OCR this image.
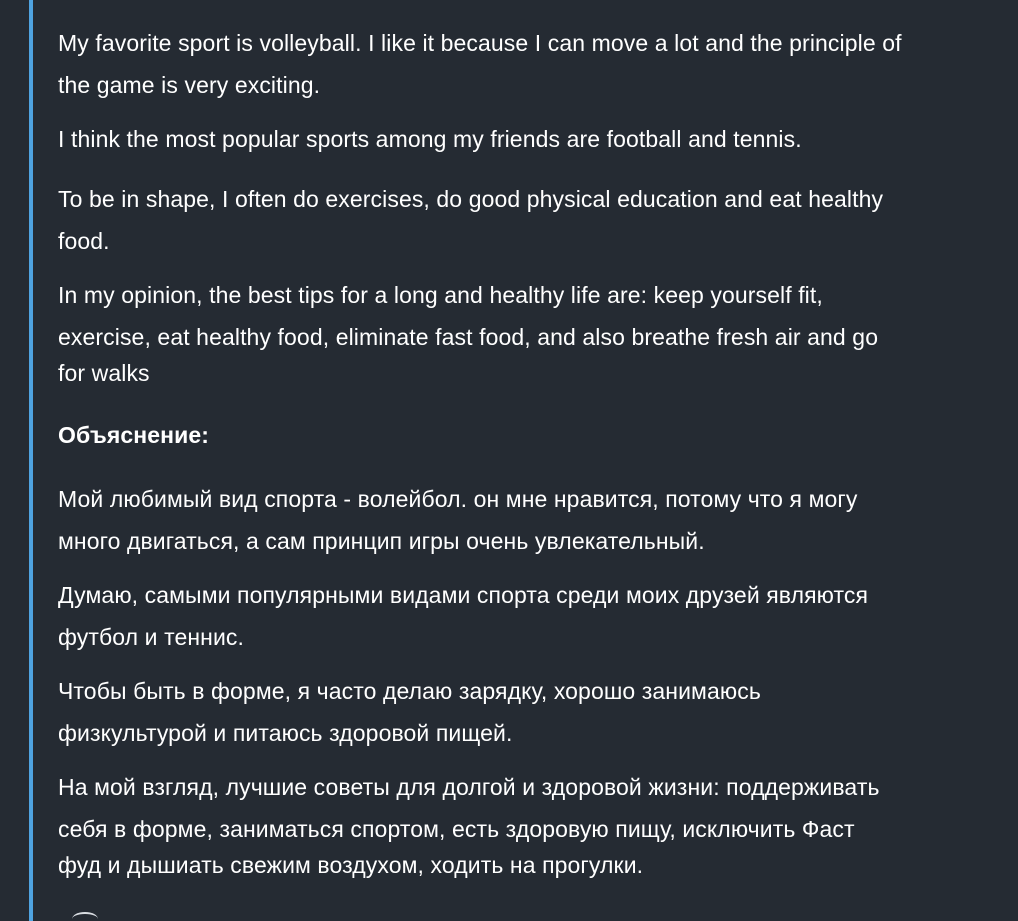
My favorite sport is volleyball. I like it because I can move a lot and the principle of
the game is very exciting.

I think the most popular sports among my friends are football and tennis.

To be in shape, I often do exercises, do good physical education and eat healthy
food.

In my opinion, the best tips for a long and healthy life are: keep yourself fit,
exercise, eat healthy food, eliminate fast food, and also breathe fresh air and go
for walks

Объяснение:

Мой любимый вид спорта - волейбол. он мне нравится, потому что я могу
много двигаться, а сам принцип игры очень увлекательный.

Думаю, самыми популярными видами спорта среди моих друзей являются
футбол и теннис.

Чтобы быть в форме, я часто делаю зарядку, хорошо занимаюсь
физкультурой и питаюсь здоровой пищей.

На мой взгляд, лучшие советы для долгой и здоровой жизни: поддерживать
себя в форме, заниматься спортом, есть здоровую пищу, исключить Фаст
фуд и дышиать свежим воздухом, ходить на прогулки.
